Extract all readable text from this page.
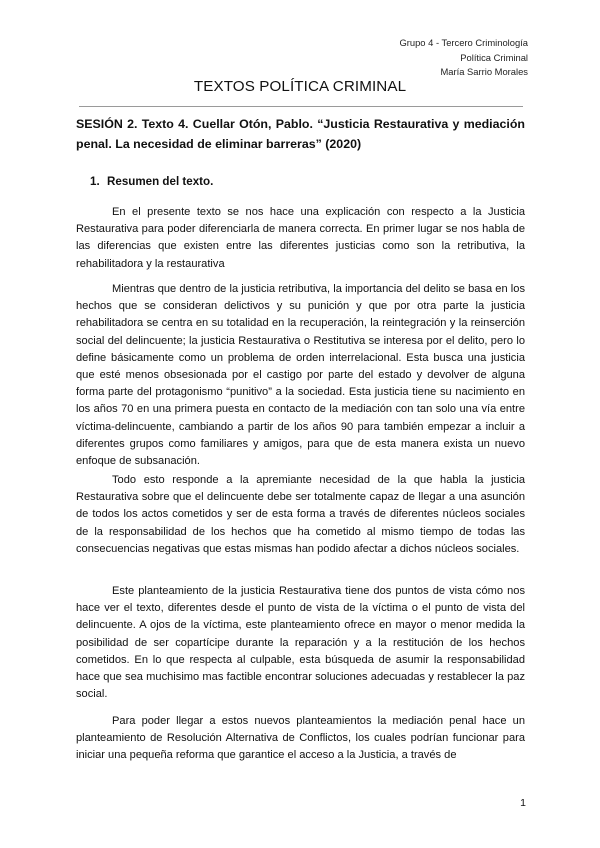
Grupo 4 - Tercero Criminología
Política Criminal
María Sarrio Morales
TEXTOS POLÍTICA CRIMINAL
SESIÓN 2. Texto 4. Cuellar Otón, Pablo. “Justicia Restaurativa y mediación penal. La necesidad de eliminar barreras” (2020)
1. Resumen del texto.

En el presente texto se nos hace una explicación con respecto a la Justicia Restaurativa para poder diferenciarla de manera correcta. En primer lugar se nos habla de las diferencias que existen entre las diferentes justicias como son la retributiva, la rehabilitadora y la restaurativa

Mientras que dentro de la justicia retributiva, la importancia del delito se basa en los hechos que se consideran delictivos y su punición y que por otra parte la justicia rehabilitadora se centra en su totalidad en la recuperación, la reintegración y la reinserción social del delincuente; la justicia Restaurativa o Restitutiva se interesa por el delito, pero lo define básicamente como un problema de orden interrelacional. Esta busca una justicia que esté menos obsesionada por el castigo por parte del estado y devolver de alguna forma parte del protagonismo “punitivo” a la sociedad. Esta justicia tiene su nacimiento en los años 70 en una primera puesta en contacto de la mediación con tan solo una vía entre víctima-delincuente, cambiando a partir de los años 90 para también empezar a incluir a diferentes grupos como familiares y amigos, para que de esta manera exista un nuevo enfoque de subsanación.

Todo esto responde a la apremiante necesidad de la que habla la justicia Restaurativa sobre que el delincuente debe ser totalmente capaz de llegar a una asunción de todos los actos cometidos y ser de esta forma a través de diferentes núcleos sociales de la responsabilidad de los hechos que ha cometido al mismo tiempo de todas las consecuencias negativas que estas mismas han podido afectar a dichos núcleos sociales.

Este planteamiento de la justicia Restaurativa tiene dos puntos de vista cómo nos hace ver el texto, diferentes desde el punto de vista de la víctima o el punto de vista del delincuente. A ojos de la víctima, este planteamiento ofrece en mayor o menor medida la posibilidad de ser copartícipe durante la reparación y a la restitución de los hechos cometidos. En lo que respecta al culpable, esta búsqueda de asumir la responsabilidad hace que sea muchisimo mas factible encontrar soluciones adecuadas y restablecer la paz social.

Para poder llegar a estos nuevos planteamientos la mediación penal hace un planteamiento de Resolución Alternativa de Conflictos, los cuales podrían funcionar para iniciar una pequeña reforma que garantice el acceso a la Justicia, a través de

1
